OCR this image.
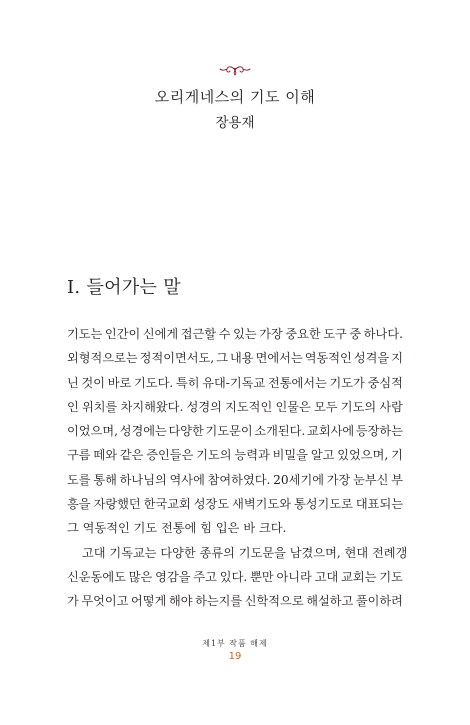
오리게네스의 기도 이해
장용재
I. 들어가는 말
기도는 인간이 신에게 접근할 수 있는 가장 중요한 도구 중 하나다.
외형적으로는 정적이면서도, 그 내용 면에서는 역동적인 성격을 지
닌 것이 바로 기도다. 특히 유대-기독교 전통에서는 기도가 중심적
인 위치를 차지해왔다. 성경의 지도적인 인물은 모두 기도의 사람
이었으며, 성경에는 다양한 기도문이 소개된다. 교회사에 등장하는
구름 떼와 같은 증인들은 기도의 능력과 비밀을 알고 있었으며, 기
도를 통해 하나님의 역사에 참여하였다. 20세기에 가장 눈부신 부
흥을 자랑했던 한국교회 성장도 새벽기도와 통성기도로 대표되는
그 역동적인 기도 전통에 힘 입은 바 크다.
고대 기독교는 다양한 종류의 기도문을 남겼으며, 현대 전례갱
신운동에도 많은 영감을 주고 있다. 뿐만 아니라 고대 교회는 기도
가 무엇이고 어떻게 해야 하는지를 신학적으로 해설하고 풀이하려
제1부 작품 해제
19
